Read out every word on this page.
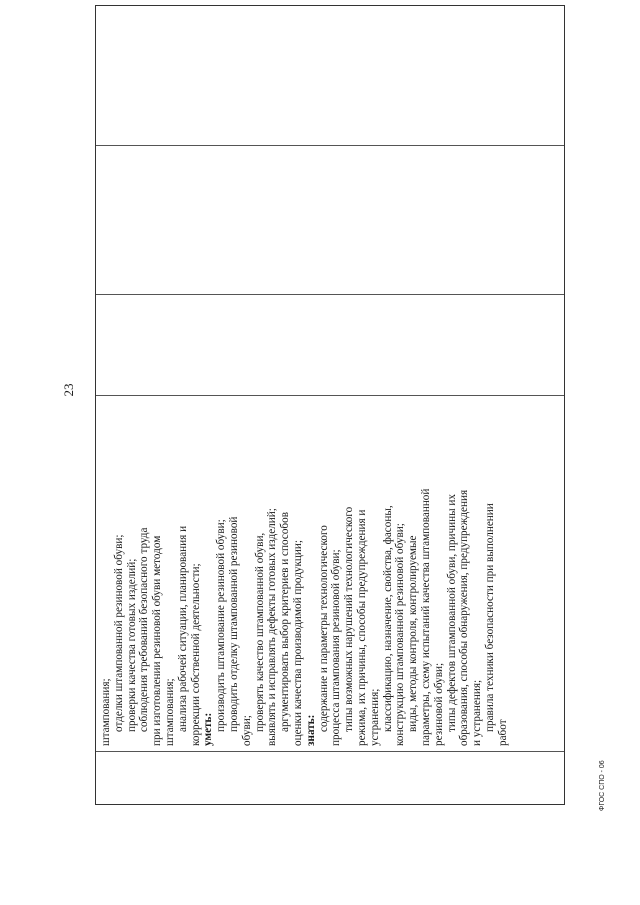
23
штампования; отделки штампованной резиновой обуви; проверки качества готовых изделий; соблюдения требований безопасного труда при изготовлении резиновой обуви методом штампования; анализа рабочей ситуации, планирования и коррекции собственной деятельности; уметь: производить штампование резиновой обуви; проводить отделку штампованной резиновой обуви; проверять качество штампованной обуви, выявлять и исправлять дефекты готовых изделий; аргументировать выбор критериев и способов оценки качества производимой продукции; знать: содержание и параметры технологического процесса штампования резиновой обуви; типы возможных нарушений технологического режима, их причины, способы предупреждения и устранения; классификацию, назначение, свойства, фасоны, конструкцию штампованной резиновой обуви; виды, методы контроля, контролируемые параметры, схему испытаний качества штампованной резиновой обуви; типы дефектов штампованной обуви, причины их образования, способы обнаружения, предупреждения и устранения; правила техники безопасности при выполнении
работ
ФГОС СПО - 06
